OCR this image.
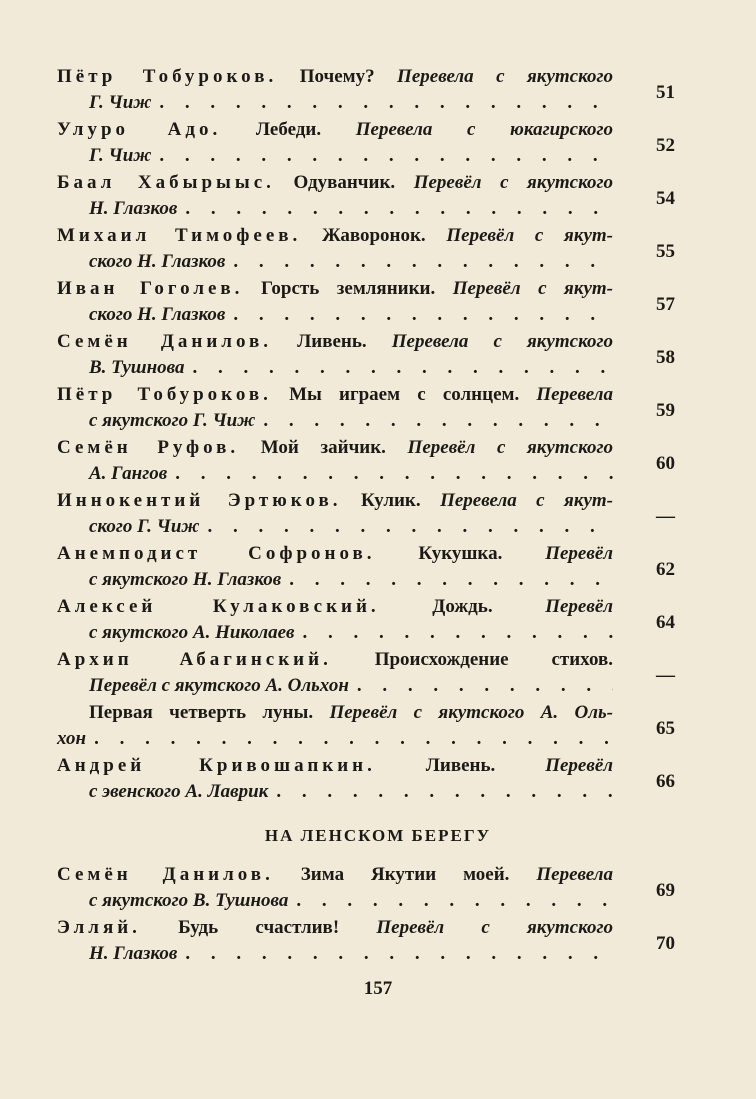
Пётр Тобуроков. Почему? Перевела с якутского
Г. Чиж . . .	51
Улуро Адо. Лебеди. Перевела с юкагирского
Г. Чиж . . .	52
Баал Хабырыыс. Одуванчик. Перевёл с якутского
Н. Глазков . . .	54
Михаил Тимофеев. Жаворонок. Перевёл с якут-
ского Н. Глазков . . .	55
Иван Гоголев. Горсть земляники. Перевёл с якут-
ского Н. Глазков . . .	57
Семён Данилов. Ливень. Перевела с якутского
В. Тушнова . . .	58
Пётр Тобуроков. Мы играем с солнцем. Перевела
с якутского Г. Чиж . . .	59
Семён Руфов. Мой зайчик. Перевёл с якутского
А. Гангов . . .	60
Иннокентий Эртюков. Кулик. Перевела с якут-
ского Г. Чиж . . .	—
Анемподист Софронов. Кукушка. Перевёл
с якутского Н. Глазков . . .	62
Алексей Кулаковский.	Дождь.	Перевёл
с якутского А. Николаев . . .	64
Архип Абагинский. Происхождение стихов.
Перевёл с якутского А. Ольхон . . .	—
Первая четверть луны. Перевёл с якутского А. Оль-
хон . . .	65
Андрей Кривошапкин.	Ливень.	Перевёл
с эвенского А. Лаврик . . .	66
НА ЛЕНСКОМ БЕРЕГУ
Семён Данилов. Зима Якутии моей. Перевела
с якутского В. Тушнова . . .	69
Элляй. Будь счастлив! Перевёл с якутского
Н. Глазков . . .	70
157
